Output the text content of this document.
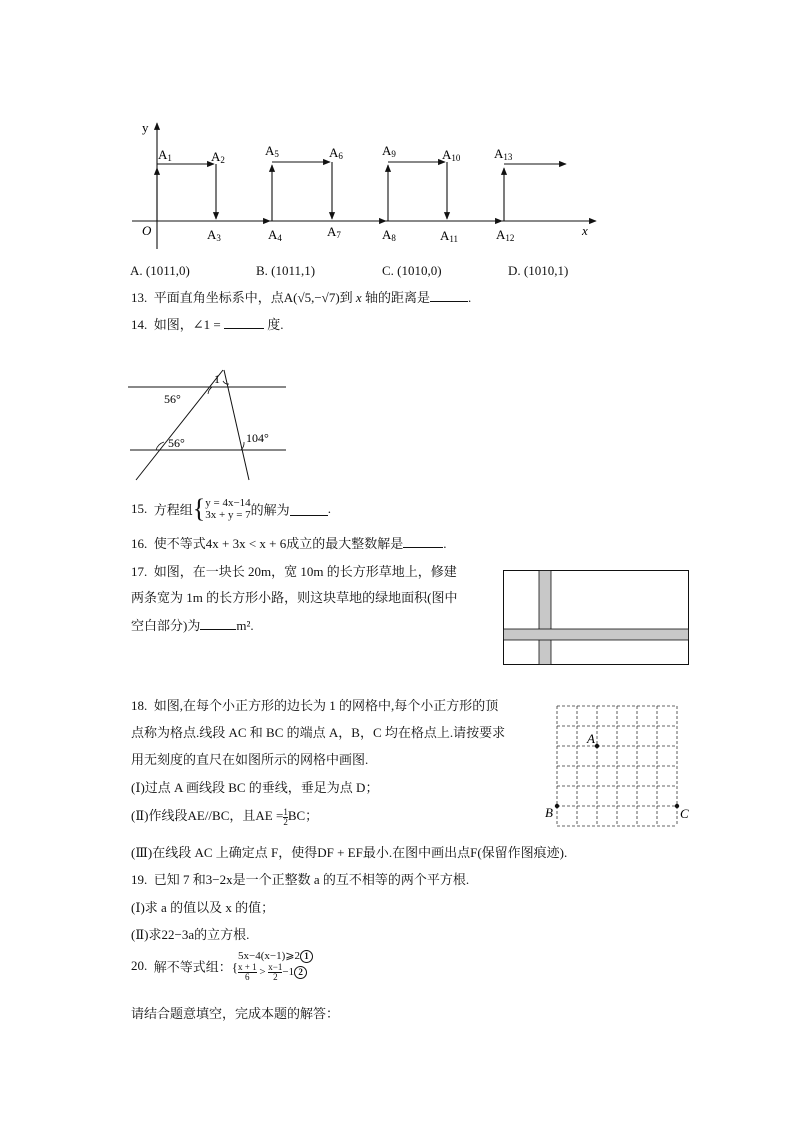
y
x
O
A1	A2
A3	A4
A5	A6
A7	A8
A9	A10
A11	A12
A13
A. (1011,0)	B. (1011,1)	C. (1010,0)	D. (1010,1)
13. 平面直角坐标系中，点A(√5,−√7)到 x 轴的距离是	.
14. 如图，∠1 =	度.
1
56°
56°	104°
15. 方程组{ y = 4x−14
3x + y = 7 的解为	.
16. 使不等式4x + 3x < x + 6成立的最大整数解是	.
17. 如图，在一块长 20m，宽 10m 的长方形草地上，修建
两条宽为 1m 的长方形小路，则这块草地的绿地面积(图中
空白部分)为	m².
18. 如图,在每个小正方形的边长为 1 的网格中,每个小正方形的顶
点称为格点.线段 AC 和 BC 的端点 A，B，C 均在格点上.请按要求
用无刻度的直尺在如图所示的网格中画图.
(Ⅰ)过点 A 画线段 BC 的垂线，垂足为点 D；
(Ⅱ)作线段AE//BC，且AE = $\frac{1}{2}$ BC；
(Ⅲ)在线段 AC 上确定点 F，使得DF + EF最小.在图中画出点F(保留作图痕迹).
A
B	C
19. 已知 7 和3−2x是一个正整数 a 的互不相等的两个平方根.
(Ⅰ)求 a 的值以及 x 的值；
(Ⅱ)求22−3a的立方根.
20. 解不等式组：{
5x−4(x−1)⩾2 1
$\frac{x + 1}{6} > \frac{x-1}{2} -1$ 2
请结合题意填空，完成本题的解答：
